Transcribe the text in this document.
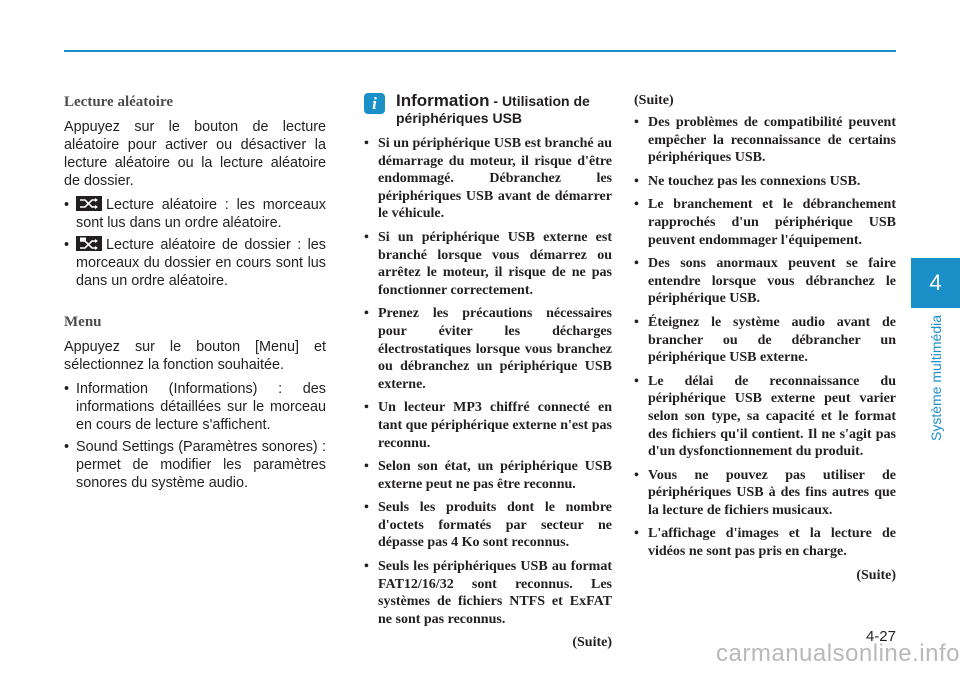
Lecture aléatoire

Appuyez sur le bouton de lecture aléatoire pour activer ou désactiver la lecture aléatoire ou la lecture aléatoire de dossier.

• Lecture aléatoire : les morceaux sont lus dans un ordre aléatoire.
• Lecture aléatoire de dossier : les morceaux du dossier en cours sont lus dans un ordre aléatoire.
Menu

Appuyez sur le bouton [Menu] et sélectionnez la fonction souhaitée.

• Information (Informations) : des informations détaillées sur le morceau en cours de lecture s'affichent.
• Sound Settings (Paramètres sonores) : permet de modifier les paramètres sonores du système audio.
i	Information - Utilisation de
périphériques USB
• Si un périphérique USB est branché au démarrage du moteur, il risque d'être endommagé. Débranchez les périphériques USB avant de démarrer le véhicule.
• Si un périphérique USB externe est branché lorsque vous démarrez ou arrêtez le moteur, il risque de ne pas fonctionner correctement.
• Prenez les précautions nécessaires pour éviter les décharges électrostatiques lorsque vous branchez ou débranchez un périphérique USB externe.
• Un lecteur MP3 chiffré connecté en tant que périphérique externe n'est pas reconnu.
• Selon son état, un périphérique USB externe peut ne pas être reconnu.
• Seuls les produits dont le nombre d'octets formatés par secteur ne dépasse pas 4 Ko sont reconnus.
• Seuls les périphériques USB au format FAT12/16/32 sont reconnus. Les systèmes de fichiers NTFS et ExFAT ne sont pas reconnus.

(Suite)

(Suite)

• Des problèmes de compatibilité peuvent empêcher la reconnaissance de certains périphériques USB.
• Ne touchez pas les connexions USB.
• Le branchement et le débranchement rapprochés d'un périphérique USB peuvent endommager l'équipement.
• Des sons anormaux peuvent se faire entendre lorsque vous débranchez le périphérique USB.
• Éteignez le système audio avant de brancher ou de débrancher un périphérique USB externe.
• Le délai de reconnaissance du périphérique USB externe peut varier selon son type, sa capacité et le format des fichiers qu'il contient. Il ne s'agit pas d'un dysfonctionnement du produit.
• Vous ne pouvez pas utiliser de périphériques USB à des fins autres que la lecture de fichiers musicaux.
• L'affichage d'images et la lecture de vidéos ne sont pas pris en charge.

(Suite)

4
Système multimédia
4-27
carmanualsonline.info
